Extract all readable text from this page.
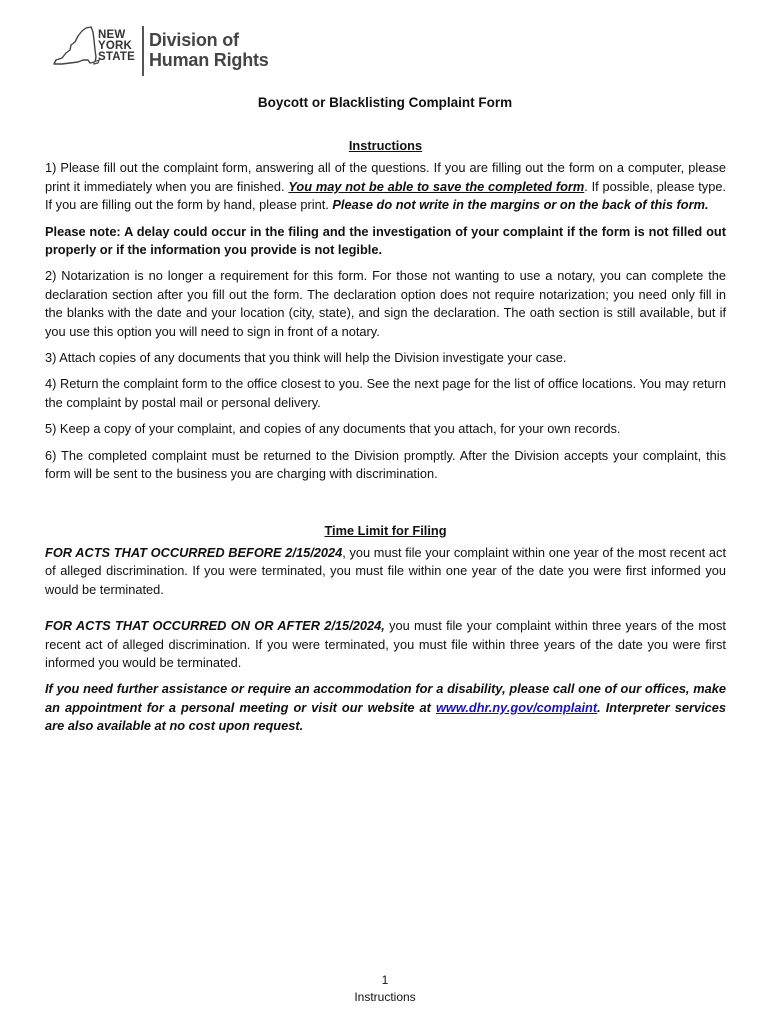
NEW
YORK
STATE
Division of
Human Rights
Boycott or Blacklisting Complaint Form
Instructions

1) Please fill out the complaint form, answering all of the questions. If you are filling out the form on a computer, please print it immediately when you are finished. You may not be able to save the completed form. If possible, please type. If you are filling out the form by hand, please print. Please do not write in the margins or on the back of this form.

Please note: A delay could occur in the filing and the investigation of your complaint if the form is not filled out properly or if the information you provide is not legible.

2) Notarization is no longer a requirement for this form. For those not wanting to use a notary, you can complete the declaration section after you fill out the form. The declaration option does not require notarization; you need only fill in the blanks with the date and your location (city, state), and sign the declaration. The oath section is still available, but if you use this option you will need to sign in front of a notary.

3) Attach copies of any documents that you think will help the Division investigate your case.

4) Return the complaint form to the office closest to you. See the next page for the list of office locations. You may return the complaint by postal mail or personal delivery.

5) Keep a copy of your complaint, and copies of any documents that you attach, for your own records.

6) The completed complaint must be returned to the Division promptly. After the Division accepts your complaint, this form will be sent to the business you are charging with discrimination.

Time Limit for Filing

FOR ACTS THAT OCCURRED BEFORE 2/15/2024, you must file your complaint within one year of the most recent act of alleged discrimination. If you were terminated, you must file within one year of the date you were first informed you would be terminated.

FOR ACTS THAT OCCURRED ON OR AFTER 2/15/2024, you must file your complaint within three years of the most recent act of alleged discrimination. If you were terminated, you must file within three years of the date you were first informed you would be terminated.

If you need further assistance or require an accommodation for a disability, please call one of our offices, make an appointment for a personal meeting or visit our website at www.dhr.ny.gov/complaint. Interpreter services are also available at no cost upon request.

1
Instructions
